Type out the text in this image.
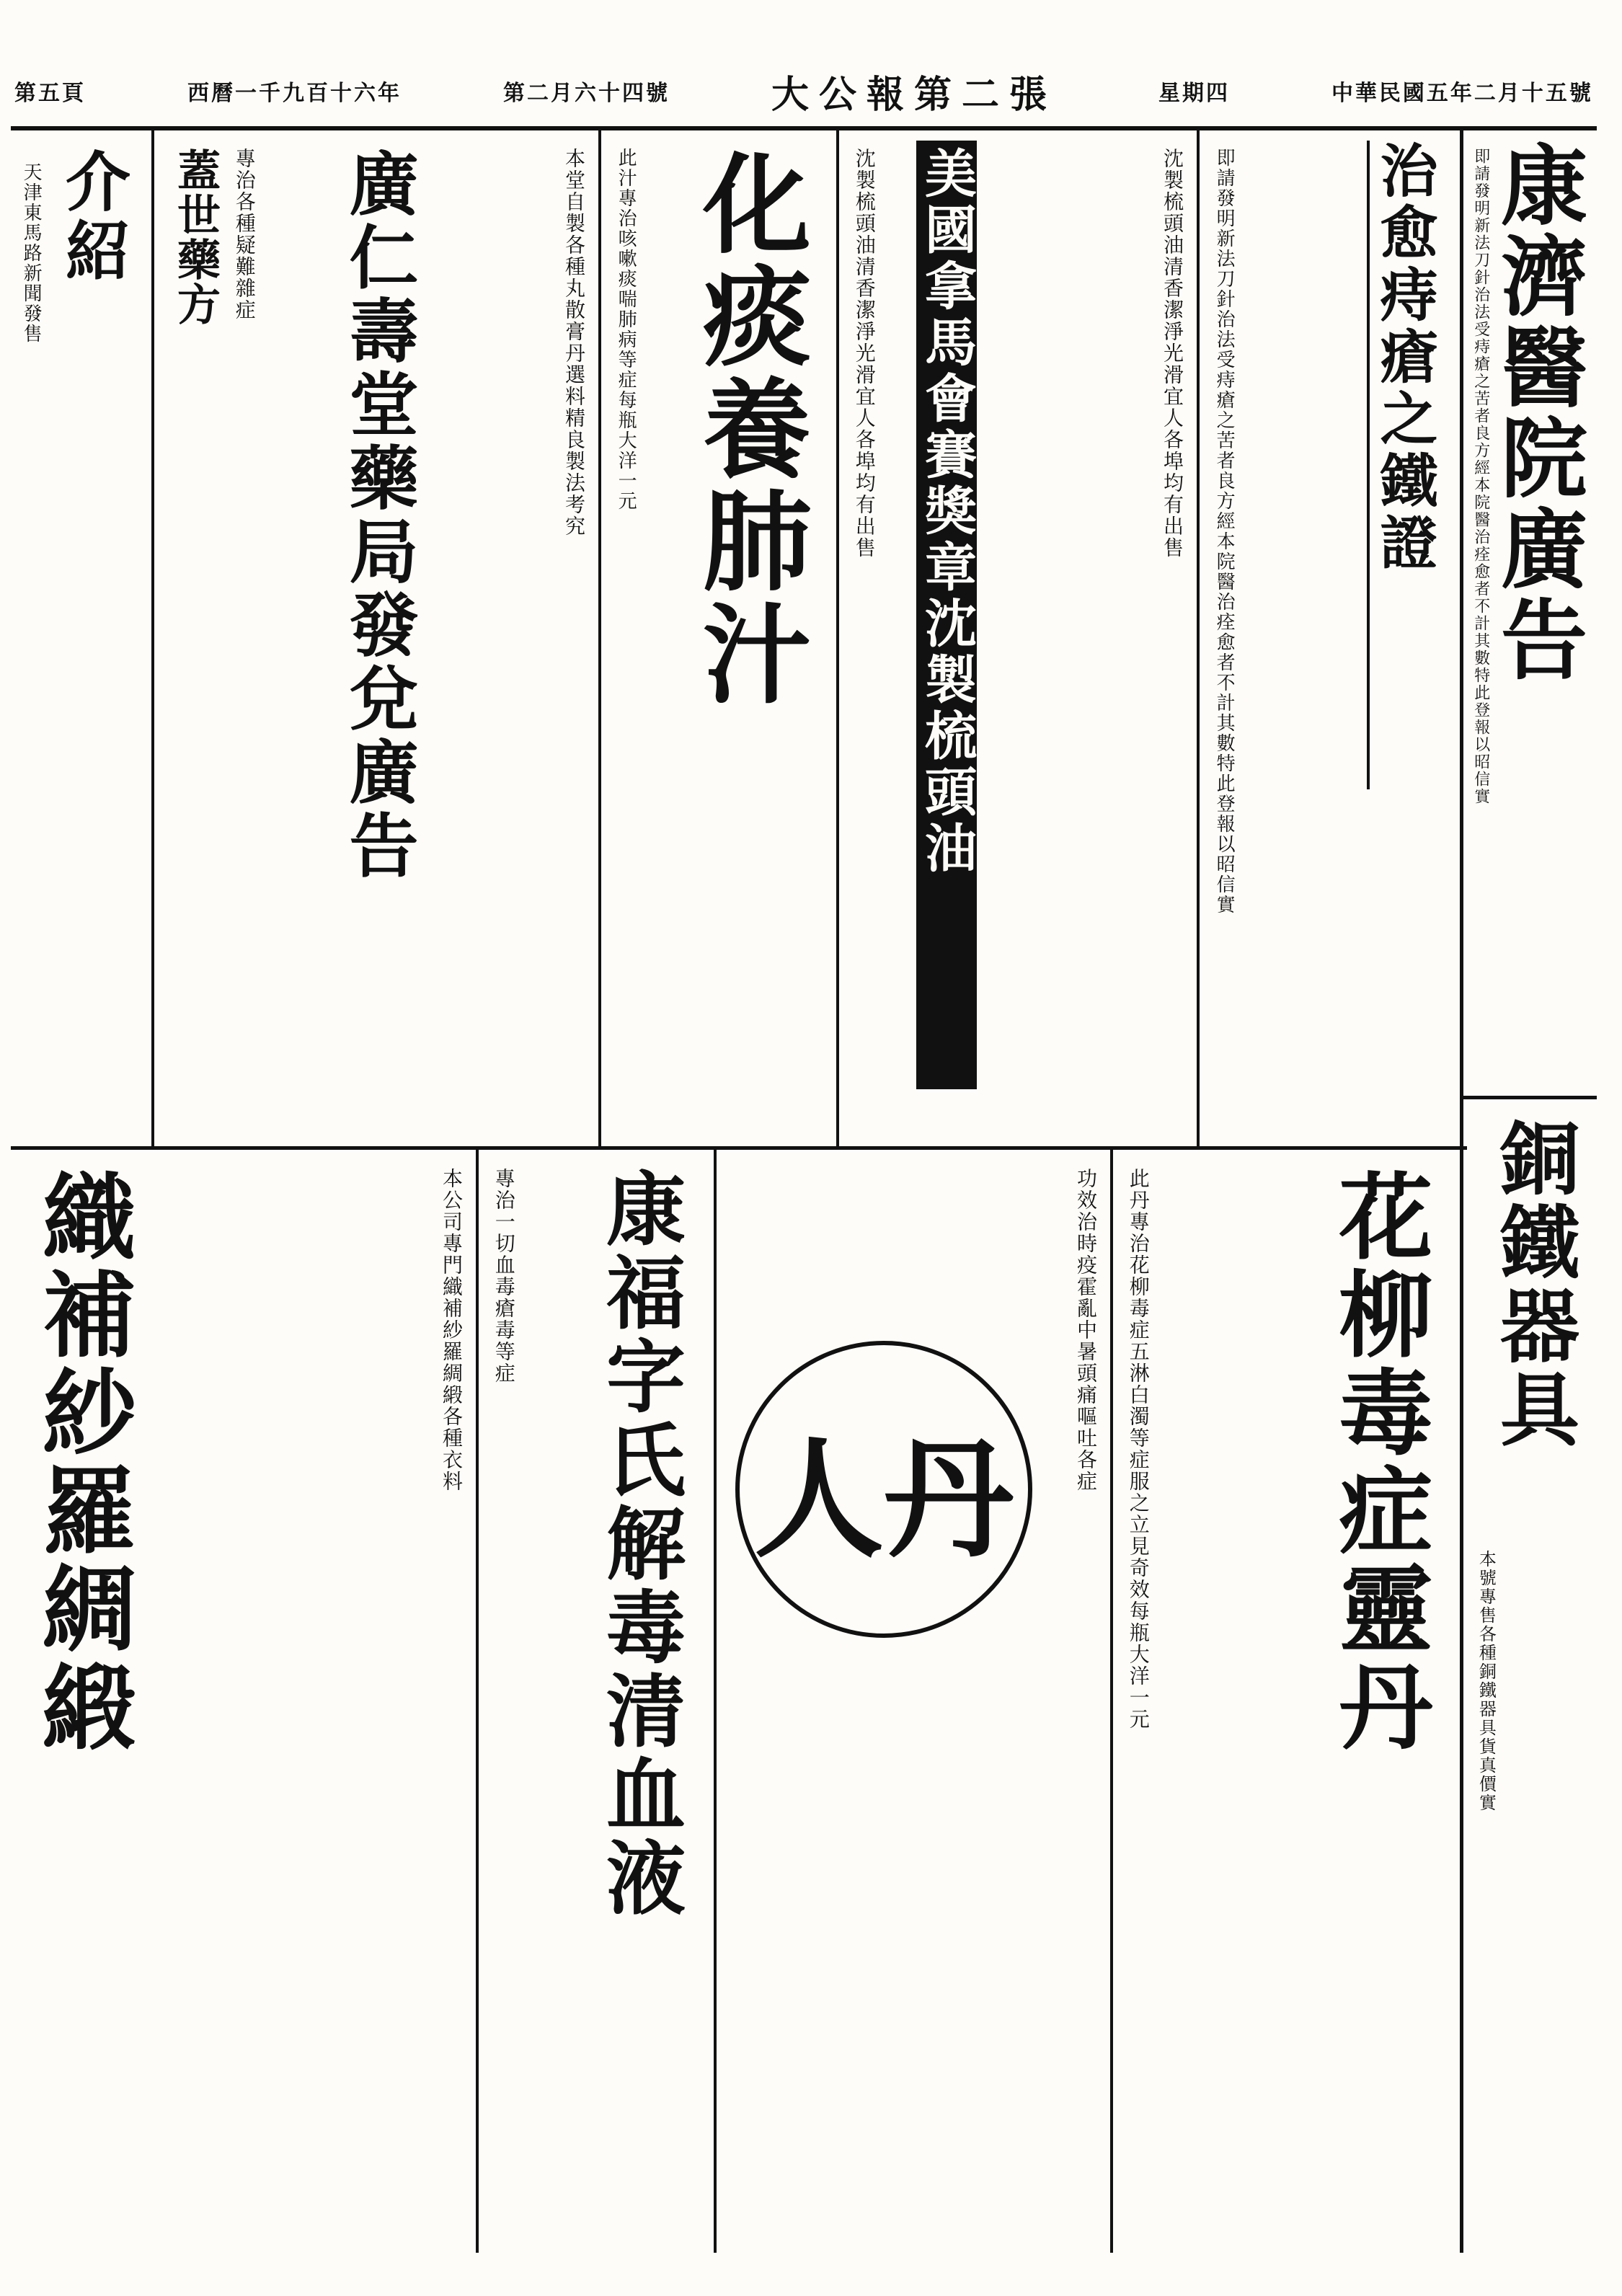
第五頁	西曆一千九百十六年	第二月六十四號	大公報第二張	星期四	中華民國五年二月十五號
康濟醫院廣告
即請發明新法刀針治法受痔瘡之苦者良方經本院醫治痊愈者不計其數特此登報以昭信實
銅鐵器具
本號專售各種銅鐵器具貨真價實
治愈痔瘡之鐵證
即請發明新法刀針治法受痔瘡之苦者良方經本院醫治痊愈者不計其數特此登報以昭信實
美國拿馬會賽獎章沈製梳頭油
沈製梳頭油清香潔淨光滑宜人各埠均有出售	沈製梳頭油清香潔淨光滑宜人各埠均有出售
化痰養肺汁
此汁專治咳嗽痰喘肺病等症每瓶大洋一元
廣仁壽堂藥局發兌廣告	本堂自製各種丸散膏丹選料精良製法考究
蓋世藥方 專治各種疑難雜症
介紹
天津東馬路新聞發售
花柳毒症靈丹
此丹專治花柳毒症五淋白濁等症服之立見奇效每瓶大洋一元
人丹
功效治時疫霍亂中暑頭痛嘔吐各症
康福字氏解毒清血液
專治一切血毒瘡毒等症
織補紗羅綢緞	本公司專門織補紗羅綢緞各種衣料
